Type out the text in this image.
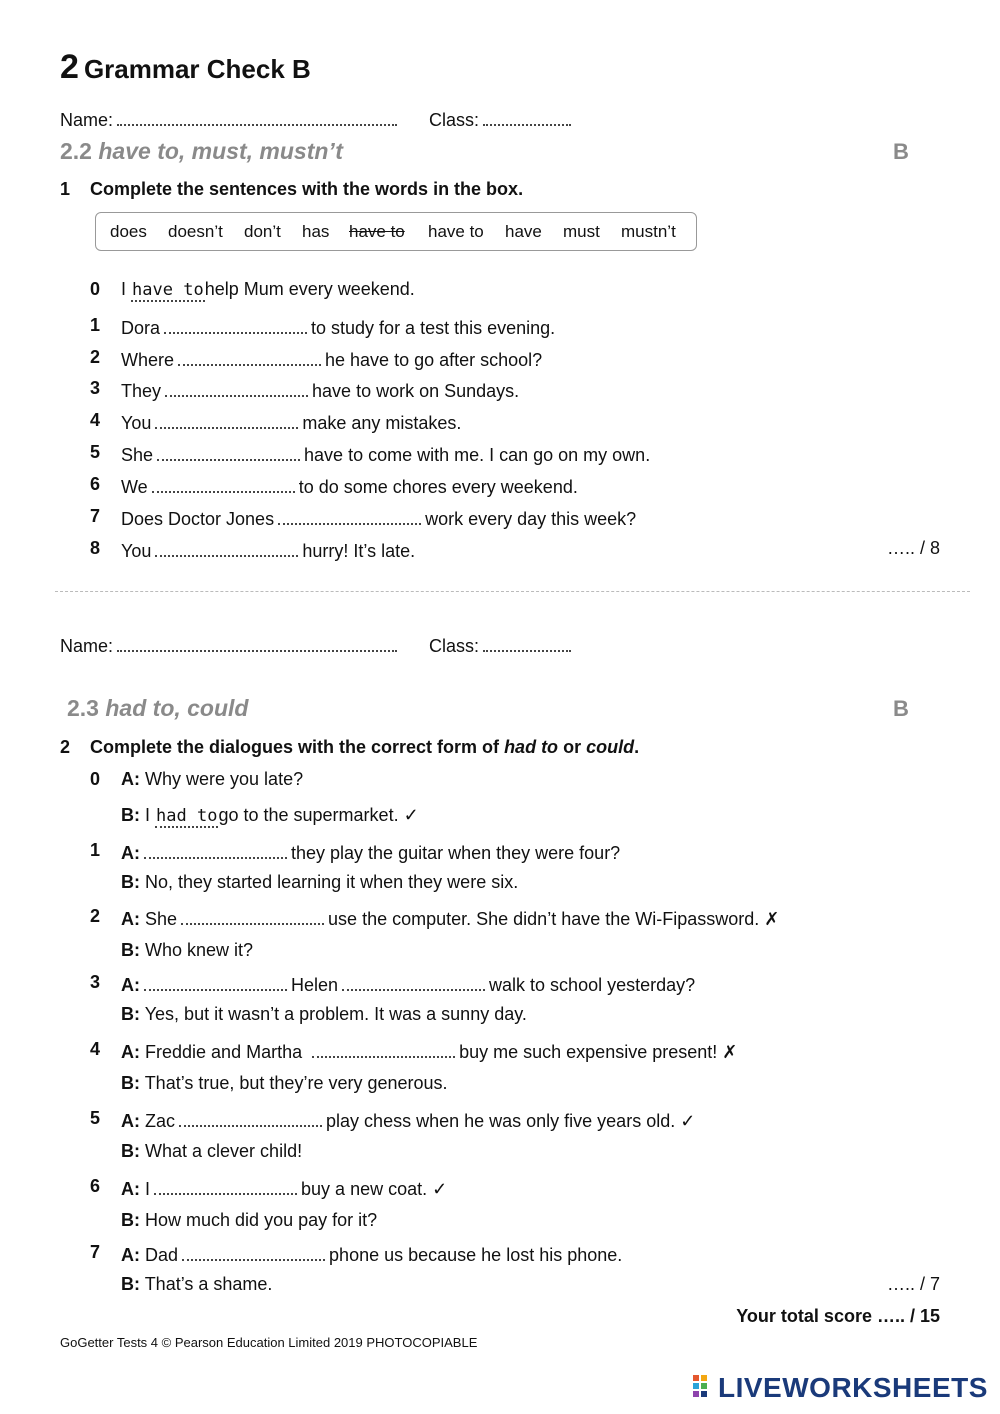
2 Grammar Check B
Name:	Class:
2.2 have to, must, mustn’t	B
1 Complete the sentences with the words in the box.
does doesn’t don’t has have to have to have must mustn’t
0 I have tohelp Mum every weekend.
1 Dora	to study for a test this evening.
2 Where	he have to go after school?
3 They	have to work on Sundays.
4 You	make any mistakes.
5 She	have to come with me. I can go on my own.
6 We	to do some chores every weekend.
7 Does Doctor Jones	work every day this week?
8 You	hurry! It’s late.	….. / 8
Name:	Class:
2.3 had to, could	B
2 Complete the dialogues with the correct form of had to or could.
0 A: Why were you late?
B: I had togo to the supermarket. ✓
1 A:	they play the guitar when they were four?
B: No, they started learning it when they were six.
2 A: She	use the computer. She didn’t have the Wi-Fipassword. ✗
B: Who knew it?
3 A:	Helen	walk to school yesterday?
B: Yes, but it wasn’t a problem. It was a sunny day.
4 A: Freddie and Martha	buy me such expensive present! ✗
B: That’s true, but they’re very generous.
5 A: Zac	play chess when he was only five years old. ✓
B: What a clever child!
6 A: I	buy a new coat. ✓
B: How much did you pay for it?
7 A: Dad	phone us because he lost his phone.
B: That’s a shame.	….. / 7
Your total score ….. / 15
GoGetter Tests 4 © Pearson Education Limited 2019 PHOTOCOPIABLE
LIVEWORKSHEETS
